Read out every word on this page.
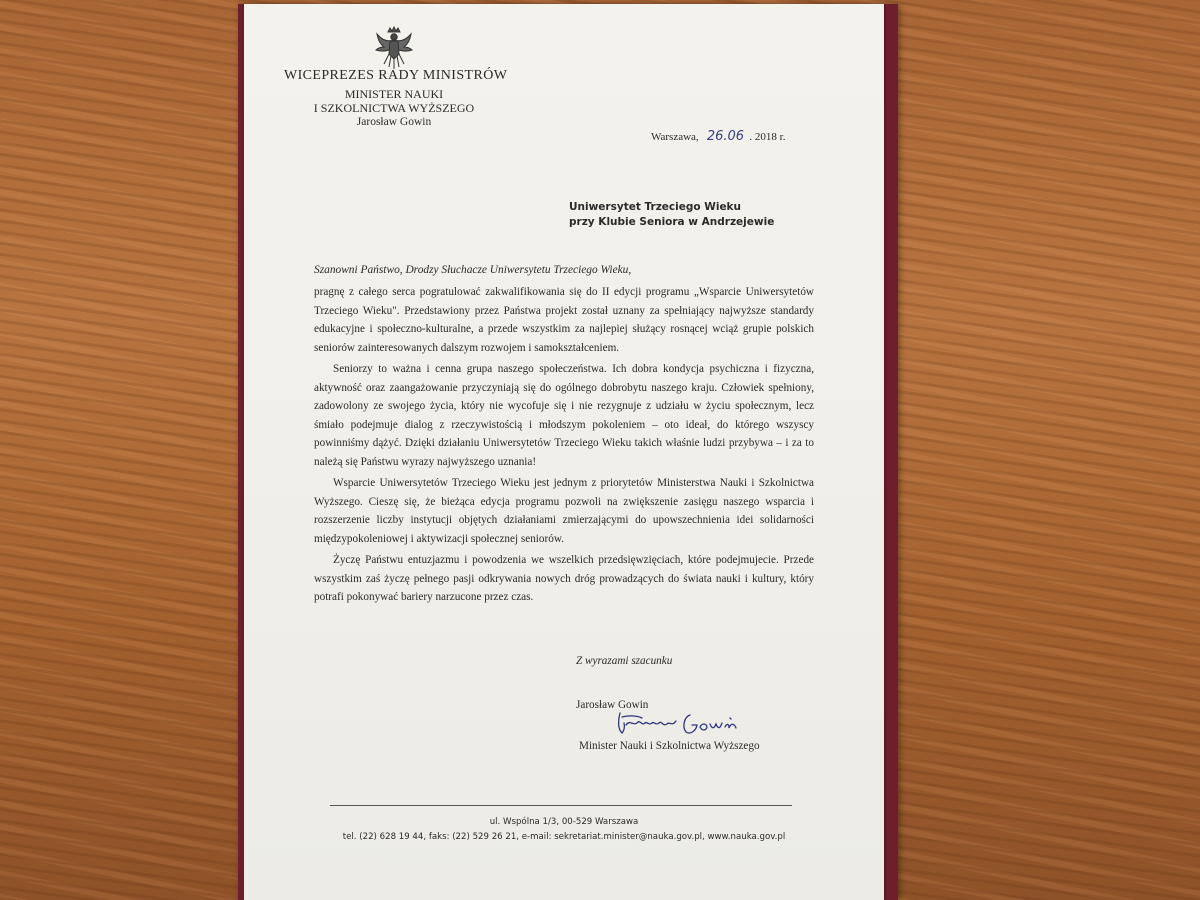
WICEPREZES RADY MINISTRÓW
MINISTER NAUKI
I SZKOLNICTWA WYŻSZEGO
Jarosław Gowin
Warszawa, 26.06 . 2018 r.
Uniwersytet Trzeciego Wieku
przy Klubie Seniora w Andrzejewie
Szanowni Państwo, Drodzy Słuchacze Uniwersytetu Trzeciego Wieku,

pragnę z całego serca pogratulować zakwalifikowania się do II edycji programu „Wsparcie Uniwersytetów Trzeciego Wieku". Przedstawiony przez Państwa projekt został uznany za spełniający najwyższe standardy edukacyjne i społeczno-kulturalne, a przede wszystkim za najlepiej służący rosnącej wciąż grupie polskich seniorów zainteresowanych dalszym rozwojem i samokształceniem.

Seniorzy to ważna i cenna grupa naszego społeczeństwa. Ich dobra kondycja psychiczna i fizyczna, aktywność oraz zaangażowanie przyczyniają się do ogólnego dobrobytu naszego kraju. Człowiek spełniony, zadowolony ze swojego życia, który nie wycofuje się i nie rezygnuje z udziału w życiu społecznym, lecz śmiało podejmuje dialog z rzeczywistością i młodszym pokoleniem – oto ideał, do którego wszyscy powinniśmy dążyć. Dzięki działaniu Uniwersytetów Trzeciego Wieku takich właśnie ludzi przybywa – i za to należą się Państwu wyrazy najwyższego uznania!

Wsparcie Uniwersytetów Trzeciego Wieku jest jednym z priorytetów Ministerstwa Nauki i Szkolnictwa Wyższego. Cieszę się, że bieżąca edycja programu pozwoli na zwiększenie zasięgu naszego wsparcia i rozszerzenie liczby instytucji objętych działaniami zmierzającymi do upowszechnienia idei solidarności międzypokoleniowej i aktywizacji społecznej seniorów.

Życzę Państwu entuzjazmu i powodzenia we wszelkich przedsięwzięciach, które podejmujecie. Przede wszystkim zaś życzę pełnego pasji odkrywania nowych dróg prowadzących do świata nauki i kultury, który potrafi pokonywać bariery narzucone przez czas.

Z wyrazami szacunku
Jarosław Gowin
Minister Nauki i Szkolnictwa Wyższego
ul. Wspólna 1/3, 00-529 Warszawa
tel. (22) 628 19 44, faks: (22) 529 26 21, e-mail: sekretariat.minister@nauka.gov.pl, www.nauka.gov.pl
